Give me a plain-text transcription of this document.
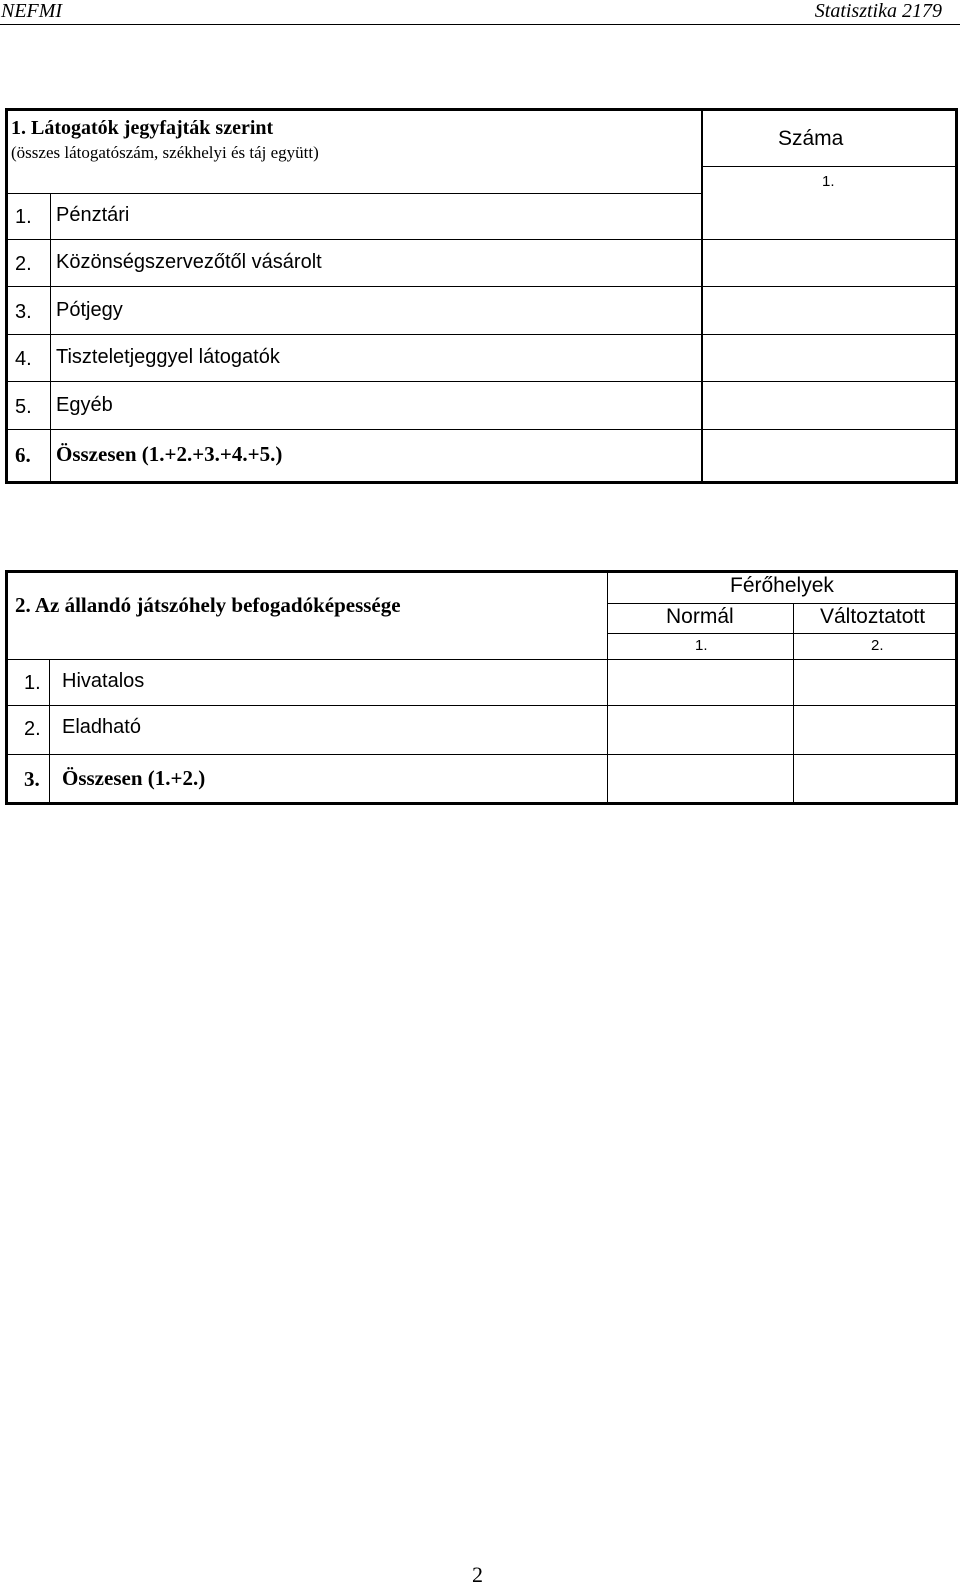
NEFMI	Statisztika 2179
1. Látogatók jegyfajták szerint
(összes látogatószám, székhelyi és táj együtt)
Száma
1.
1. Pénztári
2. Közönségszervezőtől vásárolt
3. Pótjegy
4. Tiszteletjeggyel látogatók
5. Egyéb
6. Összesen (1.+2.+3.+4.+5.)
2. Az állandó játszóhely befogadóképessége
Férőhelyek
Normál	Változtatott
1.	2.
1. Hivatalos
2. Eladható
3. Összesen (1.+2.)
2
